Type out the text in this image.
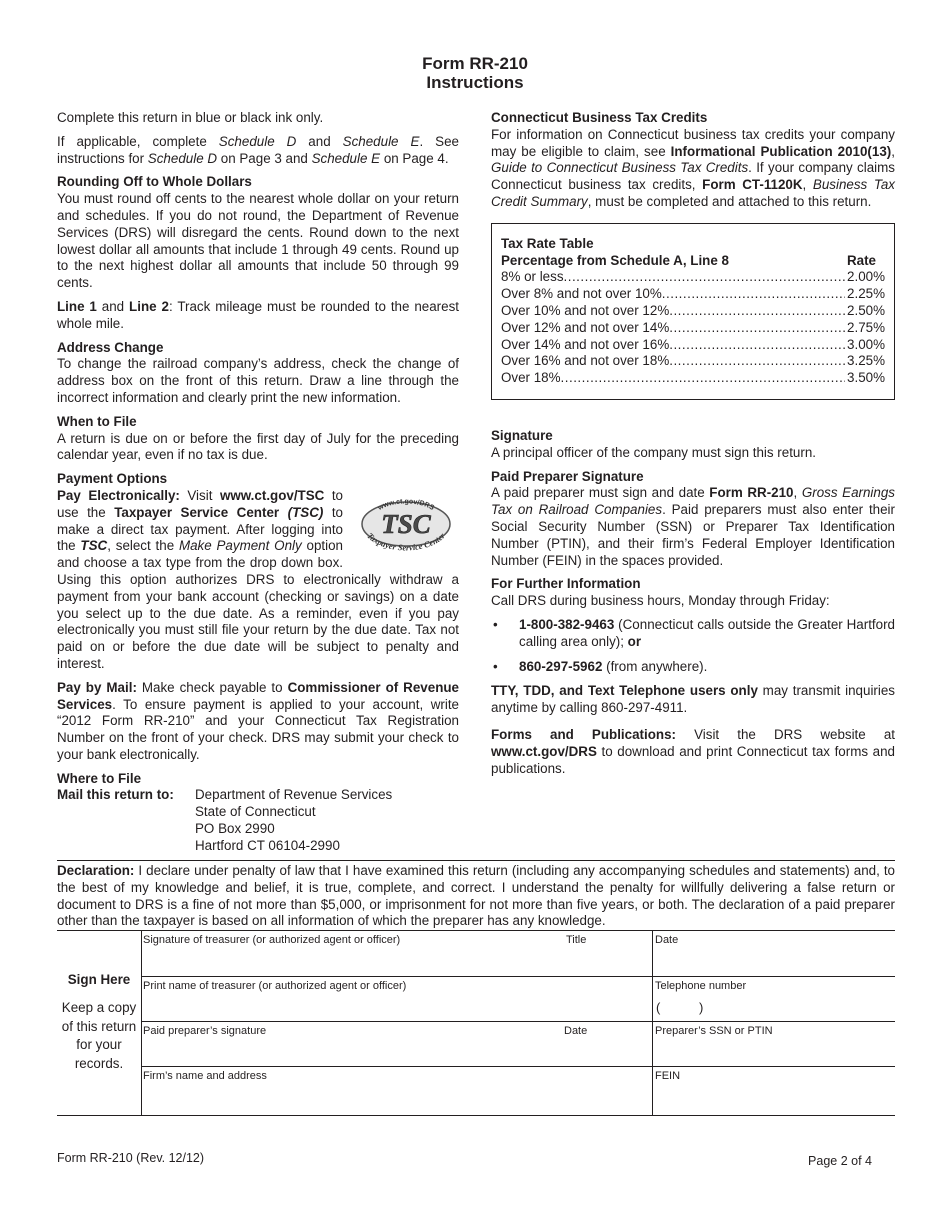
Form RR-210
Instructions

Complete this return in blue or black ink only.

If applicable, complete Schedule D and Schedule E. See instructions for Schedule D on Page 3 and Schedule E on Page 4.

Rounding Off to Whole Dollars

You must round off cents to the nearest whole dollar on your return and schedules. If you do not round, the Department of Revenue Services (DRS) will disregard the cents. Round down to the next lowest dollar all amounts that include 1 through 49 cents. Round up to the next highest dollar all amounts that include 50 through 99 cents.

Line 1 and Line 2: Track mileage must be rounded to the nearest whole mile.

Address Change

To change the railroad company’s address, check the change of address box on the front of this return. Draw a line through the incorrect information and clearly print the new information.

When to File

A return is due on or before the first day of July for the preceding calendar year, even if no tax is due.

Payment Options

www.ct.gov/DRS
TSC
Taxpayer Service Center
Pay Electronically: Visit www.ct.gov/TSC to use the Taxpayer Service Center (TSC) to make a direct tax payment. After logging into the TSC, select the Make Payment Only option and choose a tax type from the drop down box. Using this option authorizes DRS to electronically withdraw a payment from your bank account (checking or savings) on a date you select up to the due date. As a reminder, even if you pay electronically you must still file your return by the due date. Tax not paid on or before the due date will be subject to penalty and interest.

Pay by Mail: Make check payable to Commissioner of Revenue Services. To ensure payment is applied to your account, write “2012 Form RR-210” and your Connecticut Tax Registration Number on the front of your check. DRS may submit your check to your bank electronically.

Where to File
Mail this return to:	Department of Revenue Services
State of Connecticut
PO Box 2990
Hartford CT 06104-2990
Connecticut Business Tax Credits

For information on Connecticut business tax credits your company may be eligible to claim, see Informational Publication 2010(13), Guide to Connecticut Business Tax Credits. If your company claims Connecticut business tax credits, Form CT-1120K, Business Tax Credit Summary, must be completed and attached to this return.

Tax Rate Table
Percentage from Schedule A, Line 8	Rate
8% or less .....	2.00%
Over 8% and not over 10% .....	2.25%
Over 10% and not over 12% .....	2.50%
Over 12% and not over 14% .....	2.75%
Over 14% and not over 16% .....	3.00%
Over 16% and not over 18% .....	3.25%
Over 18% .....	3.50%
Signature

A principal officer of the company must sign this return.

Paid Preparer Signature

A paid preparer must sign and date Form RR-210, Gross Earnings Tax on Railroad Companies. Paid preparers must also enter their Social Security Number (SSN) or Preparer Tax Identification Number (PTIN), and their firm’s Federal Employer Identification Number (FEIN) in the spaces provided.

For Further Information

Call DRS during business hours, Monday through Friday:

• 1-800-382-9463 (Connecticut calls outside the Greater Hartford calling area only); or
• 860-297-5962 (from anywhere).

TTY, TDD, and Text Telephone users only may transmit inquiries anytime by calling 860-297-4911.

Forms and Publications: Visit the DRS website at www.ct.gov/DRS to download and print Connecticut tax forms and publications.

Declaration: I declare under penalty of law that I have examined this return (including any accompanying schedules and statements) and, to the best of my knowledge and belief, it is true, complete, and correct. I understand the penalty for willfully delivering a false return or document to DRS is a fine of not more than $5,000, or imprisonment for not more than five years, or both. The declaration of a paid preparer other than the taxpayer is based on all information of which the preparer has any knowledge.
Sign Here
Keep a copy
of this return
for your
records.
Signature of treasurer (or authorized agent or officer)	Title	Date
Print name of treasurer (or authorized agent or officer)	Telephone number
(	)
Paid preparer’s signature	Date	Preparer’s SSN or PTIN
Firm’s name and address	FEIN
Form RR-210 (Rev. 12/12)	Page 2 of 4
